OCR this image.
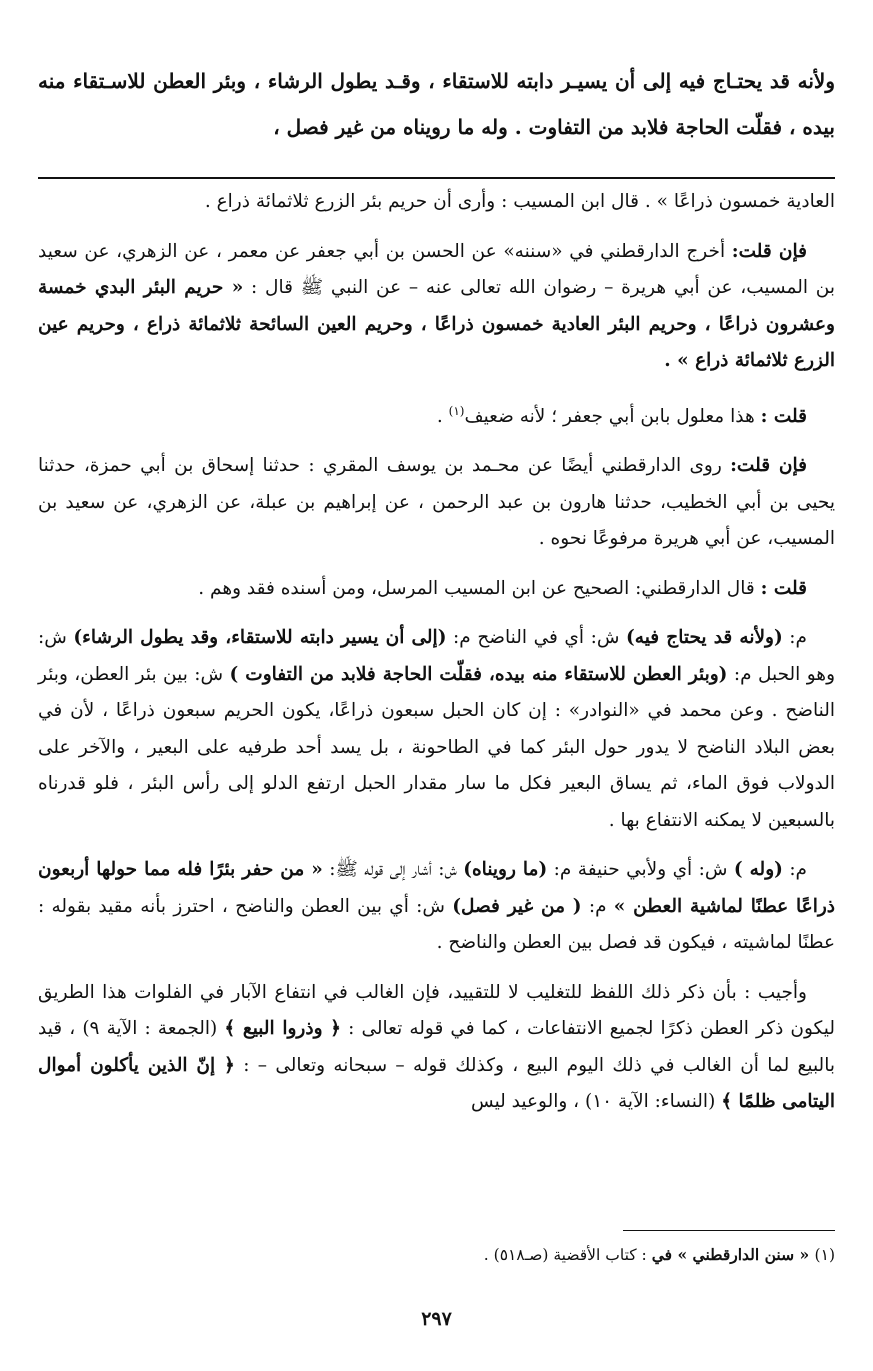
ولأنه قد يحتـاج فيه إلى أن يسيـر دابته للاستقاء ، وقـد يطول الرشاء ، وبئر العطن للاسـتقاء منه بيده ، فقلّت الحاجة فلابد من التفاوت . وله ما رويناه من غير فصل ،

العادية خمسون ذراعًا » . قال ابن المسيب : وأرى أن حريم بئر الزرع ثلاثمائة ذراع .

فإن قلت: أخرج الدارقطني في «سننه» عن الحسن بن أبي جعفر عن معمر ، عن الزهري، عن سعيد بن المسيب، عن أبي هريرة – رضوان الله تعالى عنه – عن النبي ﷺ قال : « حريم البئر البدي خمسة وعشرون ذراعًا ، وحريم البئر العادية خمسون ذراعًا ، وحريم العين السائحة ثلاثمائة ذراع ، وحريم عين الزرع ثلاثمائة ذراع » .

قلت : هذا معلول بابن أبي جعفر ؛ لأنه ضعيف$^{(١)}$ .

فإن قلت: روى الدارقطني أيضًا عن محـمد بن يوسف المقري : حدثنا إسحاق بن أبي حمزة، حدثنا يحيى بن أبي الخطيب، حدثنا هارون بن عبد الرحمن ، عن إبراهيم بن عبلة، عن الزهري، عن سعيد بن المسيب، عن أبي هريرة مرفوعًا نحوه .

قلت : قال الدارقطني: الصحيح عن ابن المسيب المرسل، ومن أسنده فقد وهم .

م: (ولأنه قد يحتاج فيه) ش: أي في الناضح م: (إلى أن يسير دابته للاستقاء، وقد يطول الرشاء) ش: وهو الحبل م: (وبئر العطن للاستقاء منه بيده، فقلّت الحاجة فلابد من التفاوت ) ش: بين بئر العطن، وبئر الناضح . وعن محمد في «النوادر» : إن كان الحبل سبعون ذراعًا، يكون الحريم سبعون ذراعًا ، لأن في بعض البلاد الناضح لا يدور حول البئر كما في الطاحونة ، بل يسد أحد طرفيه على البعير ، والآخر على الدولاب فوق الماء، ثم يساق البعير فكل ما سار مقدار الحبل ارتفع الدلو إلى رأس البئر ، فلو قدرناه بالسبعين لا يمكنه الانتفاع بها .

م: (وله ) ش: أي ولأبي حنيفة م: (ما رويناه) ش: أشار إلى قوله ﷺ: « من حفر بئرًا فله مما حولها أربعون ذراعًا عطنًا لماشية العطن » م: ( من غير فصل) ش: أي بين العطن والناضح ، احترز بأنه مقيد بقوله : عطنًا لماشيته ، فيكون قد فصل بين العطن والناضح .

وأجيب : بأن ذكر ذلك اللفظ للتغليب لا للتقييد، فإن الغالب في انتفاع الآبار في الفلوات هذا الطريق ليكون ذكر العطن ذكرًا لجميع الانتفاعات ، كما في قوله تعالى : ﴿ وذروا البيع ﴾ (الجمعة : الآية ٩) ، قيد بالبيع لما أن الغالب في ذلك اليوم البيع ، وكذلك قوله – سبحانه وتعالى – : ﴿ إنّ الذين يأكلون أموال اليتامى ظلمًا ﴾ (النساء: الآية ١٠) ، والوعيد ليس

(١) « سنن الدارقطني » في : كتاب الأقضية (صـ٥١٨) .
٢٩٧
